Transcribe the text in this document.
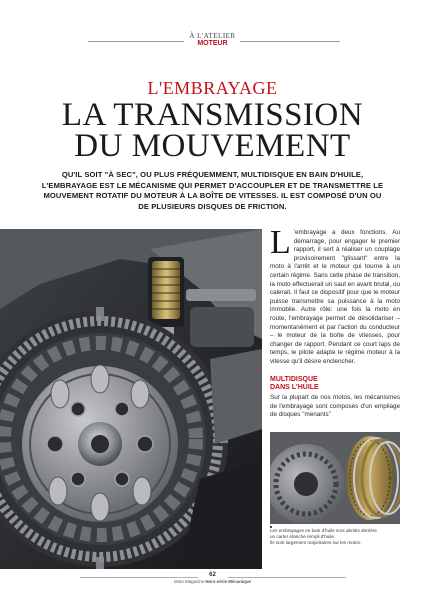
À L'ATELIER
MOTEUR
L'EMBRAYAGE
LA TRANSMISSION
DU MOUVEMENT
QU'IL SOIT "À SEC", OU PLUS FRÉQUEMMENT, MULTIDISQUE EN BAIN D'HUILE, L'EMBRAYAGE EST LE MÉCANISME QUI PERMET D'ACCOUPLER ET DE TRANSMETTRE LE MOUVEMENT ROTATIF DU MOTEUR À LA BOÎTE DE VITESSES. IL EST COMPOSÉ D'UN OU DE PLUSIEURS DISQUES DE FRICTION.

L 'embrayage a deux fonctions. Au démarrage, pour engager le premier rapport, il sert à réaliser un couplage provisoirement "glissant" entre la moto à l'arrêt et le moteur qui tourne à un certain régime. Sans cette phase de transition, la moto effectuerait un saut en avant brutal, ou calerait. Il faut ce dispositif pour que le moteur puisse transmettre sa puissance à la moto immobile. Autre rôle: une fois la moto en route, l'embrayage permet de désolidariser – momentanément et par l'action du conducteur – le moteur de la boîte de vitesses, pour changer de rapport. Pendant ce court laps de temps, le pilote adapte le régime moteur à la vitesse qu'il désire enclencher.

MULTIDISQUE
DANS L'HUILE
Sur la plupart de nos motos, les mécanismes de l'embrayage sont composés d'un empilage de disques "menants"
Les embrayages en bain d'huile sont abrités derrière
un carter étanche rempli d'huile.
Ils sont largement majoritaires sur les motos.
62
Moto Magazine Hors-série Mécanique
